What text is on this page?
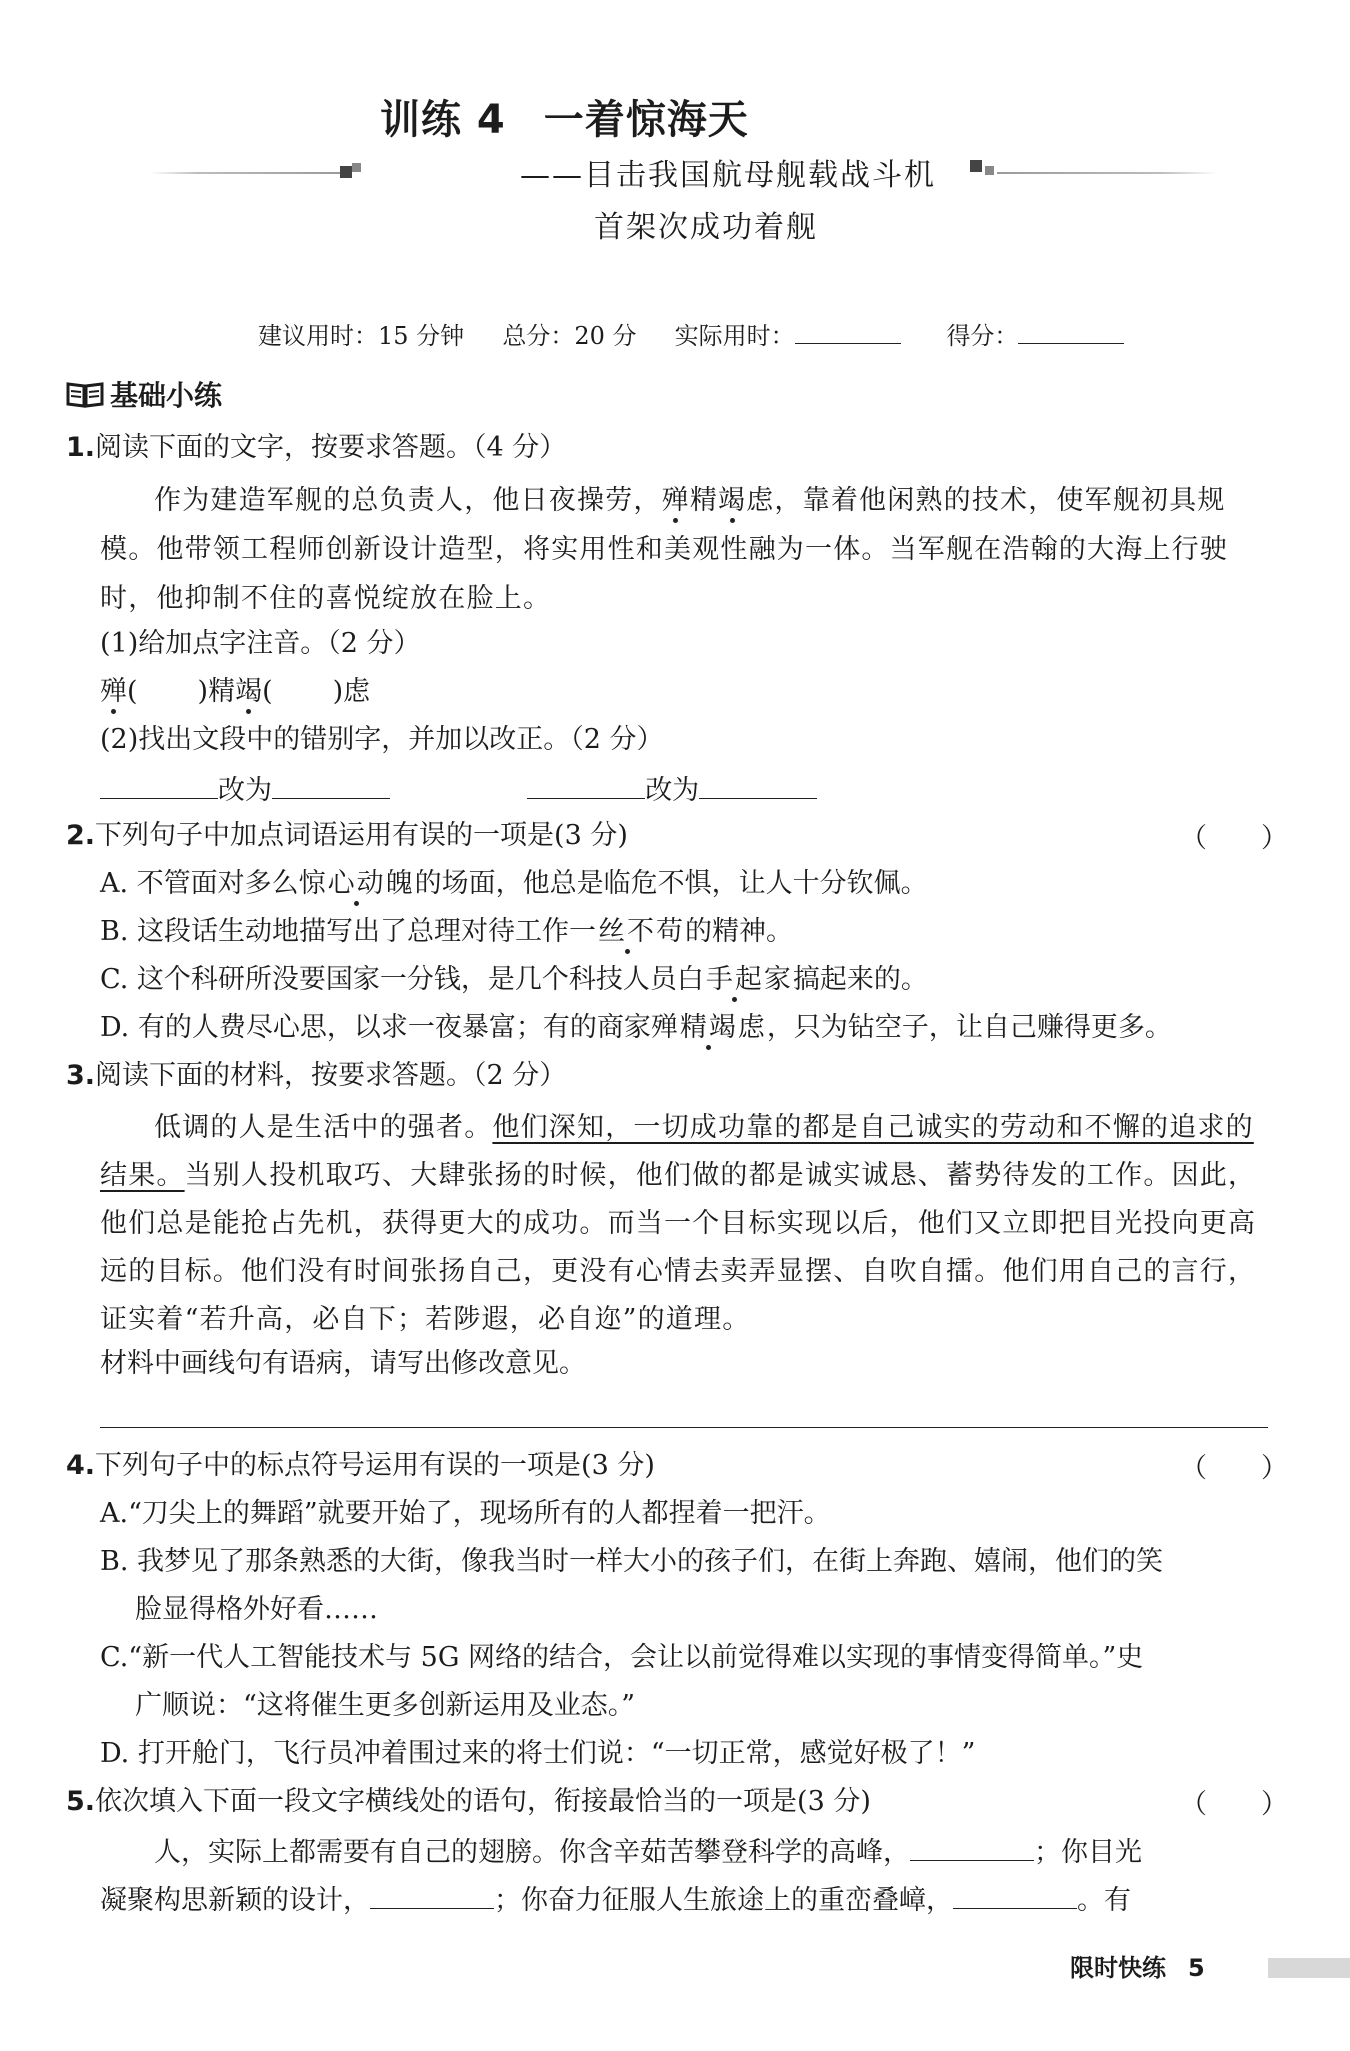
训练 4 一着惊海天
——目击我国航母舰载战斗机
首架次成功着舰
建议用时：15 分钟 总分：20 分 实际用时：	得分：
基础小练
1.阅读下面的文字，按要求答题。（4 分）
作为建造军舰的总负责人，他日夜操劳，殚精竭虑，靠着他闲熟的技术，使军舰初具规模。他带领工程师创新设计造型，将实用性和美观性融为一体。当军舰在浩翰的大海上行驶时，他抑制不住的喜悦绽放在脸上。
(1)给加点字注音。（2 分）
殚( )精竭( )虑
(2)找出文段中的错别字，并加以改正。（2 分）
改为	改为
2.下列句子中加点词语运用有误的一项是(3 分)	（　　）
A. 不管面对多么惊心动魄的场面，他总是临危不惧，让人十分钦佩。
B. 这段话生动地描写出了总理对待工作一丝不苟的精神。
C. 这个科研所没要国家一分钱，是几个科技人员白手起家搞起来的。
D. 有的人费尽心思，以求一夜暴富；有的商家殚精竭虑，只为钻空子，让自己赚得更多。
3.阅读下面的材料，按要求答题。（2 分）
低调的人是生活中的强者。他们深知，一切成功靠的都是自己诚实的劳动和不懈的追求的结果。当别人投机取巧、大肆张扬的时候，他们做的都是诚实诚恳、蓄势待发的工作。因此，他们总是能抢占先机，获得更大的成功。而当一个目标实现以后，他们又立即把目光投向更高远的目标。他们没有时间张扬自己，更没有心情去卖弄显摆、自吹自擂。他们用自己的言行，证实着“若升高，必自下；若陟遐，必自迩”的道理。
材料中画线句有语病，请写出修改意见。
4.下列句子中的标点符号运用有误的一项是(3 分)	（　　）
A.“刀尖上的舞蹈”就要开始了，现场所有的人都捏着一把汗。
B. 我梦见了那条熟悉的大街，像我当时一样大小的孩子们，在街上奔跑、嬉闹，他们的笑
脸显得格外好看……
C.“新一代人工智能技术与 5G 网络的结合，会让以前觉得难以实现的事情变得简单。”史
广顺说：“这将催生更多创新运用及业态。”
D. 打开舱门，飞行员冲着围过来的将士们说：“一切正常，感觉好极了！”
5.依次填入下面一段文字横线处的语句，衔接最恰当的一项是(3 分)	（　　）
人，实际上都需要有自己的翅膀。你含辛茹苦攀登科学的高峰，	；你目光
凝聚构思新颖的设计，	；你奋力征服人生旅途上的重峦叠嶂，	。有
限时快练 5
